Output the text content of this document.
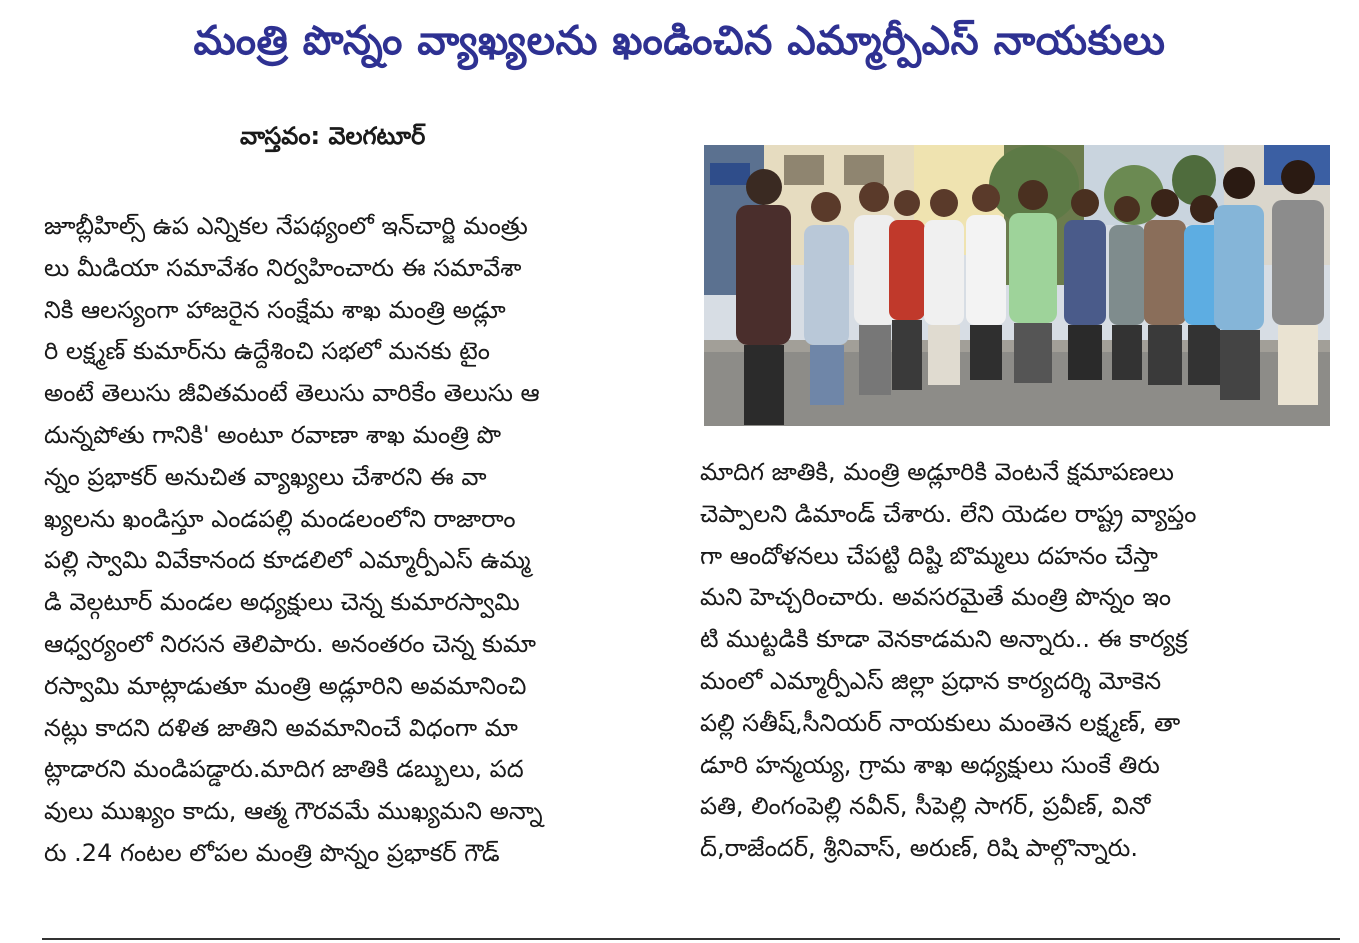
మంత్రి పొన్నం వ్యాఖ్యలను ఖండించిన ఎమ్మార్పీఎస్ నాయకులు
వాస్తవం: వెలగటూర్
జూబ్లీహిల్స్ ఉప ఎన్నికల నేపథ్యంలో ఇన్‌చార్జి మంత్రు
లు మీడియా సమావేశం నిర్వహించారు ఈ సమావేశా
నికి ఆలస్యంగా హాజరైన సంక్షేమ శాఖ మంత్రి అడ్లూ
రి లక్ష్మణ్ కుమార్‌ను ఉద్దేశించి సభలో మనకు టైం
అంటే తెలుసు జీవితమంటే తెలుసు వారికేం తెలుసు ఆ
దున్నపోతు గానికి' అంటూ రవాణా శాఖ మంత్రి పొ
న్నం ప్రభాకర్ అనుచిత వ్యాఖ్యలు చేశారని ఈ వా
ఖ్యలను ఖండిస్తూ ఎండపల్లి మండలంలోని రాజారాం
పల్లి స్వామి వివేకానంద కూడలిలో ఎమ్మార్పీఎస్ ఉమ్మ
డి వెల్గటూర్ మండల అధ్యక్షులు చెన్న కుమారస్వామి
ఆధ్వర్యంలో నిరసన తెలిపారు. అనంతరం చెన్న కుమా
రస్వామి మాట్లాడుతూ మంత్రి అడ్లూరిని అవమానించి
నట్లు కాదని దళిత జాతిని అవమానించే విధంగా మా
ట్లాడారని మండిపడ్డారు.మాదిగ జాతికి డబ్బులు, పద
వులు ముఖ్యం కాదు, ఆత్మ గౌరవమే ముఖ్యమని అన్నా
రు .24 గంటల లోపల మంత్రి పొన్నం ప్రభాకర్ గౌడ్
మాదిగ జాతికి, మంత్రి అడ్లూరికి వెంటనే క్షమాపణలు
చెప్పాలని డిమాండ్ చేశారు. లేని యెడల రాష్ట్ర వ్యాప్తం
గా ఆందోళనలు చేపట్టి దిష్టి బొమ్మలు దహనం చేస్తా
మని హెచ్చరించారు. అవసరమైతే మంత్రి పొన్నం ఇం
టి ముట్టడికి కూడా వెనకాడమని అన్నారు.. ఈ కార్యక్ర
మంలో ఎమ్మార్పీఎస్ జిల్లా ప్రధాన కార్యదర్శి మోకెన
పల్లి సతీష్,సీనియర్ నాయకులు మంతెన లక్ష్మణ్, తా
డూరి హన్మయ్య, గ్రామ శాఖ అధ్యక్షులు సుంకే తిరు
పతి, లింగంపెల్లి నవీన్, సీపెల్లి సాగర్, ప్రవీణ్, వినో
ద్,రాజేందర్, శ్రీనివాస్, అరుణ్, రిషి పాల్గొన్నారు.
